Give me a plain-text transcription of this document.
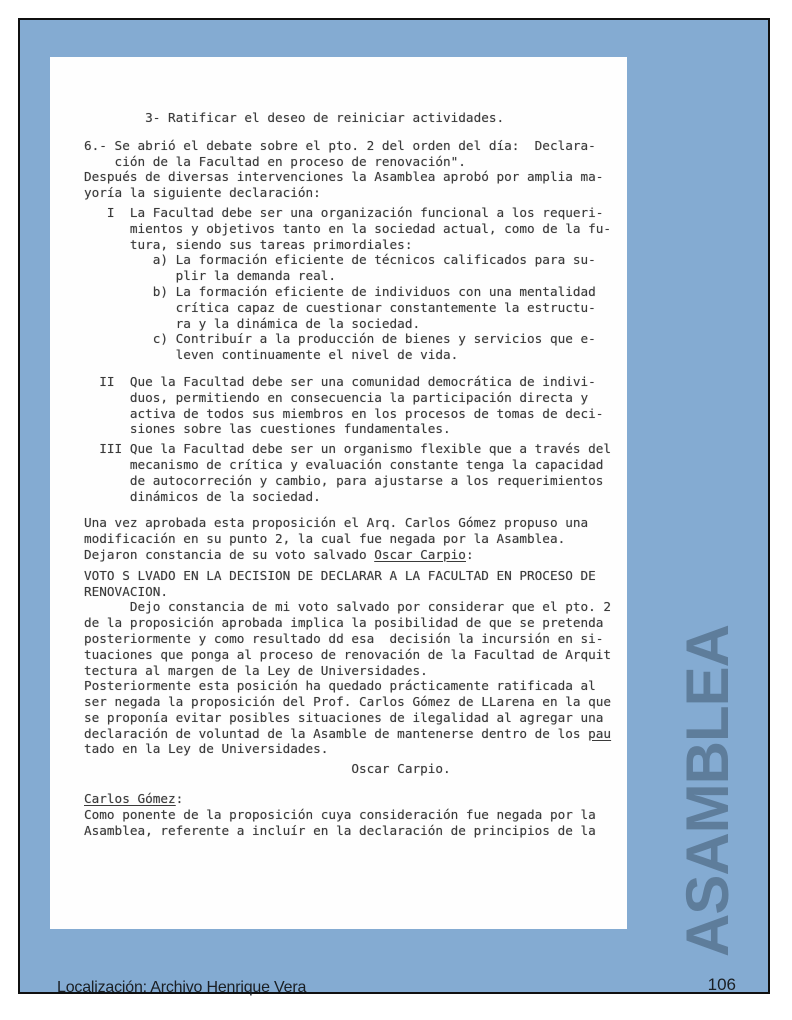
3- Ratificar el deseo de reiniciar actividades.
6.- Se abrió el debate sobre el pto. 2 del orden del día:  Declara-
ción de la Facultad en proceso de renovación".
Después de diversas intervenciones la Asamblea aprobó por amplia ma-
yoría la siguiente declaración:
I  La Facultad debe ser una organización funcional a los requeri-
mientos y objetivos tanto en la sociedad actual, como de la fu-
tura, siendo sus tareas primordiales:
a) La formación eficiente de técnicos calificados para su-
plir la demanda real.
b) La formación eficiente de individuos con una mentalidad
crítica capaz de cuestionar constantemente la estructu-
ra y la dinámica de la sociedad.
c) Contribuír a la producción de bienes y servicios que e-
leven continuamente el nivel de vida.
II  Que la Facultad debe ser una comunidad democrática de indivi-
duos, permitiendo en consecuencia la participación directa y
activa de todos sus miembros en los procesos de tomas de deci-
siones sobre las cuestiones fundamentales.
III Que la Facultad debe ser un organismo flexible que a través del
mecanismo de crítica y evaluación constante tenga la capacidad
de autocorreción y cambio, para ajustarse a los requerimientos
dinámicos de la sociedad.
Una vez aprobada esta proposición el Arq. Carlos Gómez propuso una
modificación en su punto 2, la cual fue negada por la Asamblea.
Dejaron constancia de su voto salvado Oscar Carpio:
VOTO S LVADO EN LA DECISION DE DECLARAR A LA FACULTAD EN PROCESO DE
RENOVACION.
Dejo constancia de mi voto salvado por considerar que el pto. 2
de la proposición aprobada implica la posibilidad de que se pretenda
posteriormente y como resultado dd esa  decisión la incursión en si-
tuaciones que ponga al proceso de renovación de la Facultad de Arquit
tectura al margen de la Ley de Universidades.
Posteriormente esta posición ha quedado prácticamente ratificada al
ser negada la proposición del Prof. Carlos Gómez de LLarena en la que
se proponía evitar posibles situaciones de ilegalidad al agregar una
declaración de voluntad de la Asamble de mantenerse dentro de los pau
tado en la Ley de Universidades.
Oscar Carpio.
Carlos Gómez:
Como ponente de la proposición cuya consideración fue negada por la
Asamblea, referente a incluír en la declaración de principios de la ASAMBLEA
Localización: Archivo Henrique Vera	106
